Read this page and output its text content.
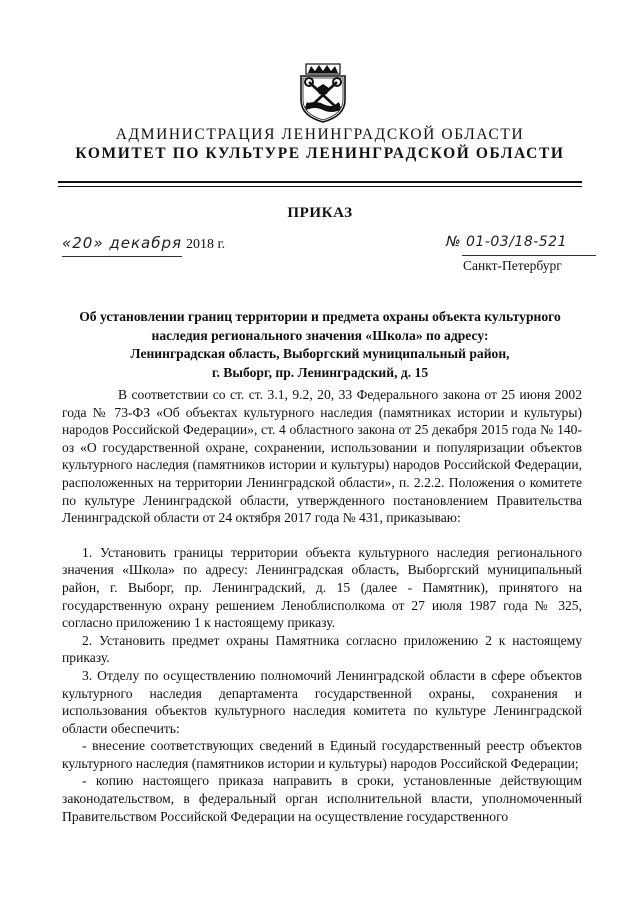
АДМИНИСТРАЦИЯ ЛЕНИНГРАДСКОЙ ОБЛАСТИ
КОМИТЕТ ПО КУЛЬТУРЕ ЛЕНИНГРАДСКОЙ ОБЛАСТИ
ПРИКАЗ
«20» декабря 2018 г.	№ 01-03/18-521
Санкт-Петербург
Об установлении границ территории и предмета охраны объекта культурного
наследия регионального значения «Школа» по адресу:
Ленинградская область, Выборгский муниципальный район,
г. Выборг, пр. Ленинградский, д. 15

В соответствии со ст. ст. 3.1, 9.2, 20, 33 Федерального закона от 25 июня 2002 года № 73-ФЗ «Об объектах культурного наследия (памятниках истории и культуры) народов Российской Федерации», ст. 4 областного закона от 25 декабря 2015 года № 140-оз «О государственной охране, сохранении, использовании и популяризации объектов культурного наследия (памятников истории и культуры) народов Российской Федерации, расположенных на территории Ленинградской области», п. 2.2.2. Положения о комитете по культуре Ленинградской области, утвержденного постановлением Правительства Ленинградской области от 24 октября 2017 года № 431, приказываю:

1. Установить границы территории объекта культурного наследия регионального значения «Школа» по адресу: Ленинградская область, Выборгский муниципальный район, г. Выборг, пр. Ленинградский, д. 15 (далее - Памятник), принятого на государственную охрану решением Леноблисполкома от 27 июля 1987 года № 325, согласно приложению 1 к настоящему приказу.

2. Установить предмет охраны Памятника согласно приложению 2 к настоящему приказу.

3. Отделу по осуществлению полномочий Ленинградской области в сфере объектов культурного наследия департамента государственной охраны, сохранения и использования объектов культурного наследия комитета по культуре Ленинградской области обеспечить:

- внесение соответствующих сведений в Единый государственный реестр объектов культурного наследия (памятников истории и культуры) народов Российской Федерации;

- копию настоящего приказа направить в сроки, установленные действующим законодательством, в федеральный орган исполнительной власти, уполномоченный Правительством Российской Федерации на осуществление государственного
